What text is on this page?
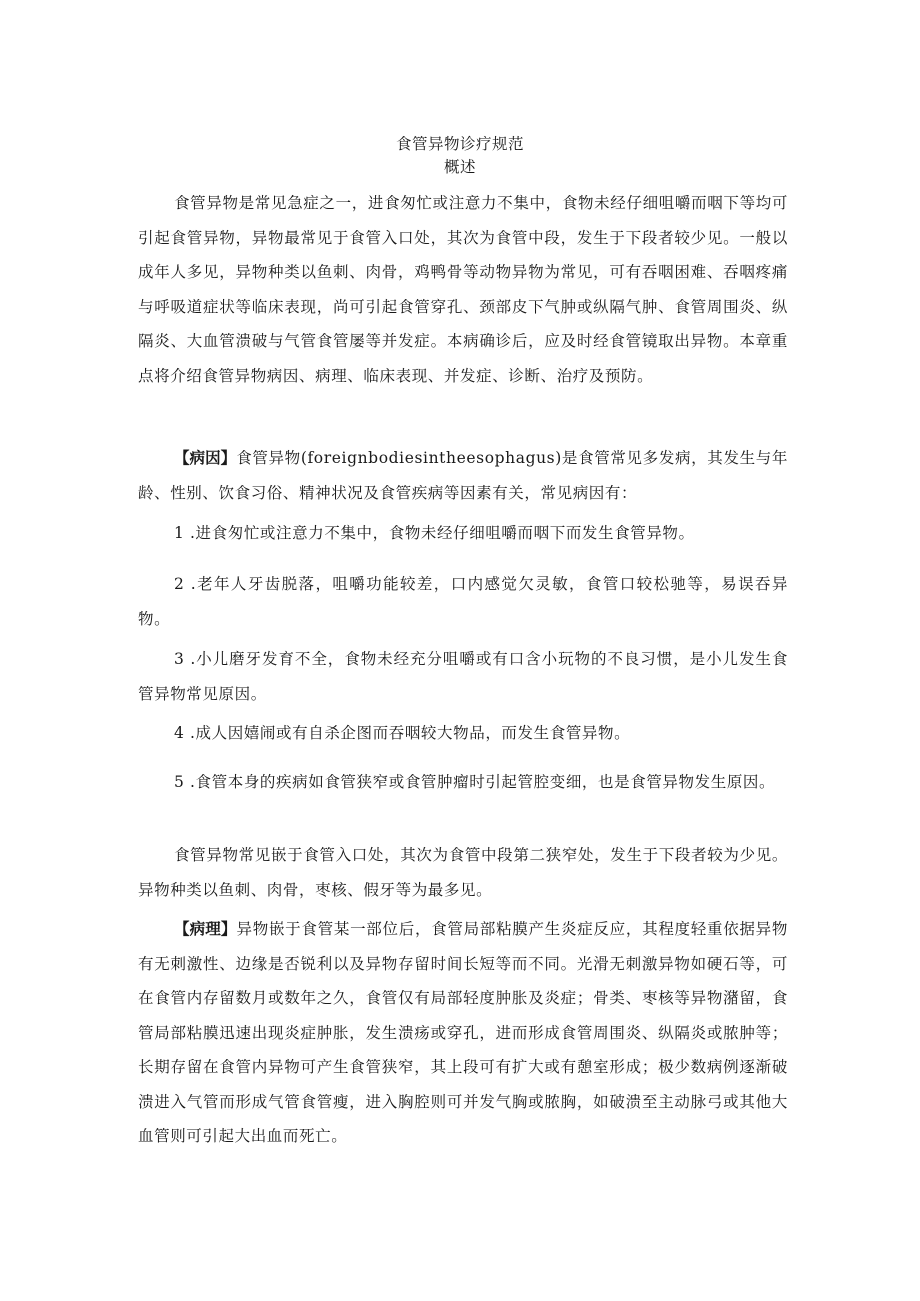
食管异物诊疗规范
概述

食管异物是常见急症之一，进食匆忙或注意力不集中，食物未经仔细咀嚼而咽下等均可引起食管异物，异物最常见于食管入口处，其次为食管中段，发生于下段者较少见。一般以成年人多见，异物种类以鱼刺、肉骨，鸡鸭骨等动物异物为常见，可有吞咽困难、吞咽疼痛与呼吸道症状等临床表现，尚可引起食管穿孔、颈部皮下气肿或纵隔气肿、食管周围炎、纵隔炎、大血管溃破与气管食管屡等并发症。本病确诊后，应及时经食管镜取出异物。本章重点将介绍食管异物病因、病理、临床表现、并发症、诊断、治疗及预防。

【病因】食管异物(foreignbodiesintheesophagus)是食管常见多发病，其发生与年龄、性别、饮食习俗、精神状况及食管疾病等因素有关，常见病因有：

1 .进食匆忙或注意力不集中，食物未经仔细咀嚼而咽下而发生食管异物。

2 .老年人牙齿脱落，咀嚼功能较差，口内感觉欠灵敏，食管口较松驰等，易误吞异物。

3 .小儿磨牙发育不全，食物未经充分咀嚼或有口含小玩物的不良习惯，是小儿发生食管异物常见原因。

4 .成人因嬉闹或有自杀企图而吞咽较大物品，而发生食管异物。

5 .食管本身的疾病如食管狭窄或食管肿瘤时引起管腔变细，也是食管异物发生原因。

食管异物常见嵌于食管入口处，其次为食管中段第二狭窄处，发生于下段者较为少见。异物种类以鱼刺、肉骨，枣核、假牙等为最多见。

【病理】异物嵌于食管某一部位后，食管局部粘膜产生炎症反应，其程度轻重依据异物有无刺激性、边缘是否锐利以及异物存留时间长短等而不同。光滑无刺激异物如硬石等，可在食管内存留数月或数年之久，食管仅有局部轻度肿胀及炎症；骨类、枣核等异物潴留，食管局部粘膜迅速出现炎症肿胀，发生溃疡或穿孔，进而形成食管周围炎、纵隔炎或脓肿等；长期存留在食管内异物可产生食管狭窄，其上段可有扩大或有憩室形成；极少数病例逐渐破溃进入气管而形成气管食管瘦，进入胸腔则可并发气胸或脓胸，如破溃至主动脉弓或其他大血管则可引起大出血而死亡。
